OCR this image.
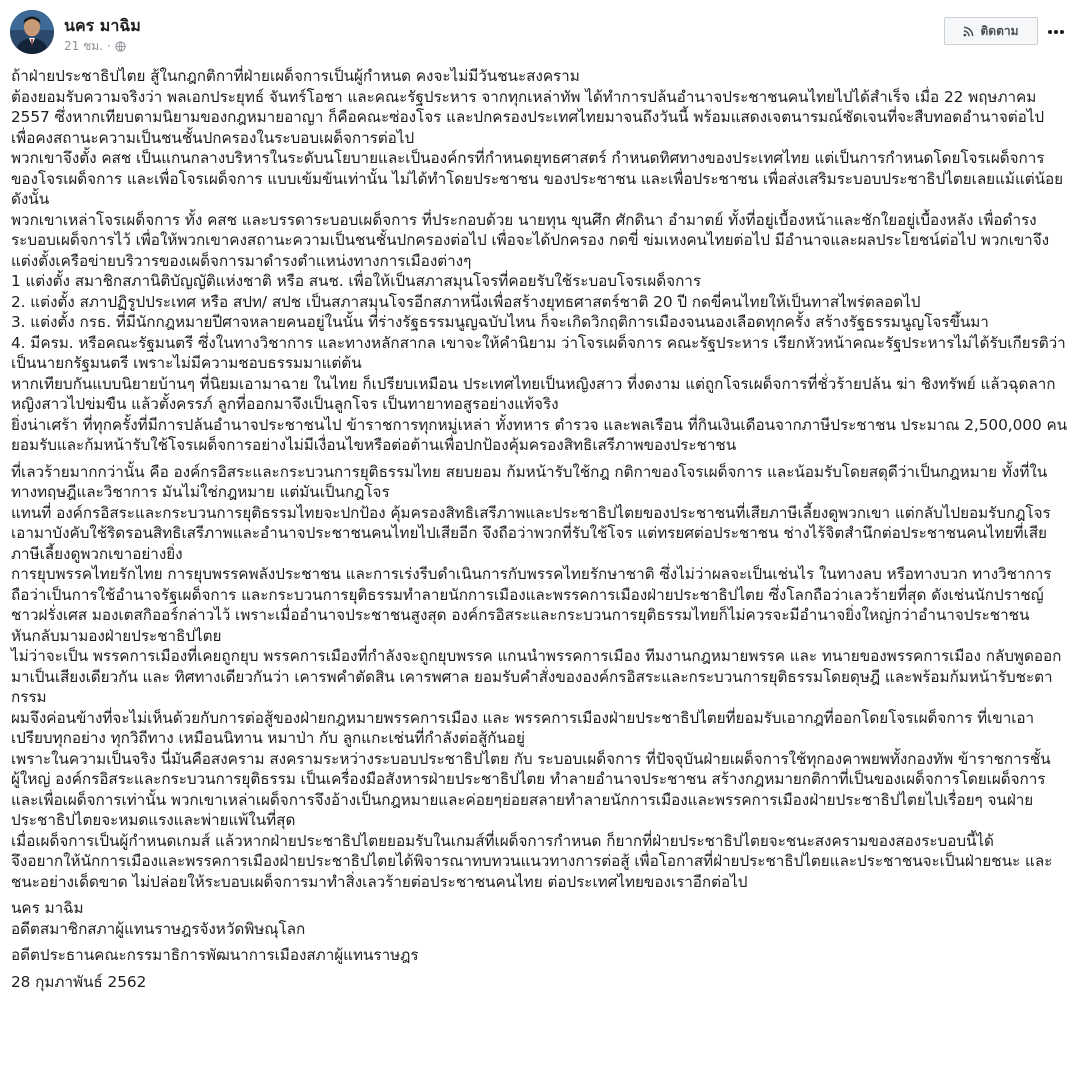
นคร มาฉิม
21 ชม. ·
ติดตาม

ถ้าฝ่ายประชาธิปไตย สู้ในกฎกติกาที่ฝ่ายเผด็จการเป็นผู้กำหนด คงจะไม่มีวันชนะสงคราม

ต้องยอมรับความจริงว่า พลเอกประยุทธ์ จันทร์โอชา และคณะรัฐประหาร จากทุกเหล่าทัพ ได้ทำการปล้นอำนาจประชาชนคนไทยไปได้สำเร็จ เมื่อ 22 พฤษภาคม 2557 ซึ่งหากเทียบตามนิยามของกฎหมายอาญา ก็คือคณะซ่องโจร และปกครองประเทศไทยมาจนถึงวันนี้ พร้อมแสดงเจตนารมณ์ชัดเจนที่จะสืบทอดอำนาจต่อไป เพื่อคงสถานะความเป็นชนชั้นปกครองในระบอบเผด็จการต่อไป

พวกเขาจึงตั้ง คสช เป็นแกนกลางบริหารในระดับนโยบายและเป็นองค์กรที่กำหนดยุทธศาสตร์ กำหนดทิศทางของประเทศไทย แต่เป็นการกำหนดโดยโจรเผด็จการ ของโจรเผด็จการ และเพื่อโจรเผด็จการ แบบเข้มข้นเท่านั้น ไม่ได้ทำโดยประชาชน ของประชาชน และเพื่อประชาชน เพื่อส่งเสริมระบอบประชาธิปไตยเลยแม้แต่น้อย ดังนั้น

พวกเขาเหล่าโจรเผด็จการ ทั้ง คสช และบรรดาระบอบเผด็จการ ที่ประกอบด้วย นายทุน ขุนศึก ศักดินา อำมาตย์ ทั้งที่อยู่เบื้องหน้าและชักใยอยู่เบื้องหลัง เพื่อดำรงระบอบเผด็จการไว้ เพื่อให้พวกเขาคงสถานะความเป็นชนชั้นปกครองต่อไป เพื่อจะได้ปกครอง กดขี่ ข่มเหงคนไทยต่อไป มีอำนาจและผลประโยชน์ต่อไป พวกเขาจึงแต่งตั้งเครือข่ายบริวารของเผด็จการมาดำรงตำแหน่งทางการเมืองต่างๆ

1 แต่งตั้ง สมาชิกสภานิติบัญญัติแห่งชาติ หรือ สนช. เพื่อให้เป็นสภาสมุนโจรที่คอยรับใช้ระบอบโจรเผด็จการ

2. แต่งตั้ง สภาปฏิรูปประเทศ หรือ สปท/ สปช เป็นสภาสมุนโจรอีกสภาหนึ่งเพื่อสร้างยุทธศาสตร์ชาติ 20 ปี กดขี่คนไทยให้เป็นทาสไพร่ตลอดไป

3. แต่งตั้ง กรธ. ที่มีนักกฎหมายปีศาจหลายคนอยู่ในนั้น ที่ร่างรัฐธรรมนูญฉบับไหน ก็จะเกิดวิกฤติการเมืองจนนองเลือดทุกครั้ง สร้างรัฐธรรมนูญโจรขึ้นมา

4. มีครม. หรือคณะรัฐมนตรี ซึ่งในทางวิชาการ และทางหลักสากล เขาจะให้คำนิยาม ว่าโจรเผด็จการ คณะรัฐประหาร เรียกหัวหน้าคณะรัฐประหารไม่ได้รับเกียรติว่าเป็นนายกรัฐมนตรี เพราะไม่มีความชอบธรรมมาแต่ต้น

หากเทียบกันแบบนิยายบ้านๆ ที่นิยมเอามาฉาย ในไทย ก็เปรียบเหมือน ประเทศไทยเป็นหญิงสาว ที่งดงาม แต่ถูกโจรเผด็จการที่ชั่วร้ายปล้น ฆ่า ชิงทรัพย์ แล้วฉุดลากหญิงสาวไปข่มขืน แล้วตั้งครรภ์ ลูกที่ออกมาจึงเป็นลูกโจร เป็นทายาทอสูรอย่างแท้จริง

ยิ่งน่าเศร้า ที่ทุกครั้งที่มีการปล้นอำนาจประชาชนไป ข้าราชการทุกหมู่เหล่า ทั้งทหาร ตำรวจ และพลเรือน ที่กินเงินเดือนจากภาษีประชาชน ประมาณ 2,500,000 คนยอมรับและก้มหน้ารับใช้โจรเผด็จการอย่างไม่มีเงื่อนไขหรือต่อต้านเพื่อปกป้องคุ้มครองสิทธิเสรีภาพของประชาชน

ที่เลวร้ายมากกว่านั้น คือ องค์กรอิสระและกระบวนการยุติธรรมไทย สยบยอม ก้มหน้ารับใช้กฎ กติกาของโจรเผด็จการ และน้อมรับโดยสดุดีว่าเป็นกฎหมาย ทั้งที่ในทางทฤษฎีและวิชาการ มันไม่ใช่กฎหมาย แต่มันเป็นกฎโจร

แทนที่ องค์กรอิสระและกระบวนการยุติธรรมไทยจะปกป้อง คุ้มครองสิทธิเสรีภาพและประชาธิปไตยของประชาชนที่เสียภาษีเลี้ยงดูพวกเขา แต่กลับไปยอมรับกฎโจร เอามาบังคับใช้ริดรอนสิทธิเสรีภาพและอำนาจประชาชนคนไทยไปเสียอีก จึงถือว่าพวกที่รับใช้โจร แต่ทรยศต่อประชาชน ช่างไร้จิตสำนึกต่อประชาชนคนไทยที่เสียภาษีเลี้ยงดูพวกเขาอย่างยิ่ง

การยุบพรรคไทยรักไทย การยุบพรรคพลังประชาชน และการเร่งรีบดำเนินการกับพรรคไทยรักษาชาติ ซึ่งไม่ว่าผลจะเป็นเช่นไร ในทางลบ หรือทางบวก ทางวิชาการถือว่าเป็นการใช้อำนาจรัฐเผด็จการ และกระบวนการยุติธรรมทำลายนักการเมืองและพรรคการเมืองฝ่ายประชาธิปไตย ซึ่งโลกถือว่าเลวร้ายที่สุด ดังเช่นนักปราชญ์ชาวฝรั่งเศส มองเตสกิออร์กล่าวไว้ เพราะเมื่ออำนาจประชาชนสูงสุด องค์กรอิสระและกระบวนการยุติธรรมไทยก็ไม่ควรจะมีอำนาจยิ่งใหญ่กว่าอำนาจประชาชน

หันกลับมามองฝ่ายประชาธิปไตย

ไม่ว่าจะเป็น พรรคการเมืองที่เคยถูกยุบ พรรคการเมืองที่กำลังจะถูกยุบพรรค แกนนำพรรคการเมือง ทีมงานกฎหมายพรรค และ ทนายของพรรคการเมือง กลับพูดออกมาเป็นเสียงเดียวกัน และ ทิศทางเดียวกันว่า เคารพคำตัดสิน เคารพศาล ยอมรับคำสั่งขององค์กรอิสระและกระบวนการยุติธรรมโดยดุษฎี และพร้อมก้มหน้ารับชะตากรรม

ผมจึงค่อนข้างที่จะไม่เห็นด้วยกับการต่อสู้ของฝ่ายกฎหมายพรรคการเมือง และ พรรคการเมืองฝ่ายประชาธิปไตยที่ยอมรับเอากฎที่ออกโดยโจรเผด็จการ ที่เขาเอาเปรียบทุกอย่าง ทุกวิถีทาง เหมือนนิทาน หมาป่า กับ ลูกแกะเช่นที่กำลังต่อสู้กันอยู่

เพราะในความเป็นจริง นี่มันคือสงคราม สงครามระหว่างระบอบประชาธิปไตย กับ ระบอบเผด็จการ ที่ปัจจุบันฝ่ายเผด็จการใช้ทุกองคาพยพทั้งกองทัพ ข้าราชการชั้นผู้ใหญ่ องค์กรอิสระและกระบวนการยุติธรรม เป็นเครื่องมือสังหารฝ่ายประชาธิปไตย ทำลายอำนาจประชาชน สร้างกฎหมายกติกาที่เป็นของเผด็จการโดยเผด็จการ และเพื่อเผด็จการเท่านั้น พวกเขาเหล่าเผด็จการจึงอ้างเป็นกฎหมายและค่อยๆย่อยสลายทำลายนักการเมืองและพรรคการเมืองฝ่ายประชาธิปไตยไปเรื่อยๆ จนฝ่ายประชาธิปไตยจะหมดแรงและพ่ายแพ้ในที่สุด

เมื่อเผด็จการเป็นผู้กำหนดเกมส์ แล้วหากฝ่ายประชาธิปไตยยอมรับในเกมส์ที่เผด็จการกำหนด ก็ยากที่ฝ่ายประชาธิปไตยจะชนะสงครามของสองระบอบนี้ได้

จึงอยากให้นักการเมืองและพรรคการเมืองฝ่ายประชาธิปไตยได้พิจารณาทบทวนแนวทางการต่อสู้ เพื่อโอกาสที่ฝ่ายประชาธิปไตยและประชาชนจะเป็นฝ่ายชนะ และชนะอย่างเด็ดขาด ไม่ปล่อยให้ระบอบเผด็จการมาทำสิ่งเลวร้ายต่อประชาชนคนไทย ต่อประเทศไทยของเราอีกต่อไป

นคร มาฉิม

อดีตสมาชิกสภาผู้แทนราษฎรจังหวัดพิษณุโลก

อดีตประธานคณะกรรมาธิการพัฒนาการเมืองสภาผู้แทนราษฎร

28 กุมภาพันธ์ 2562
